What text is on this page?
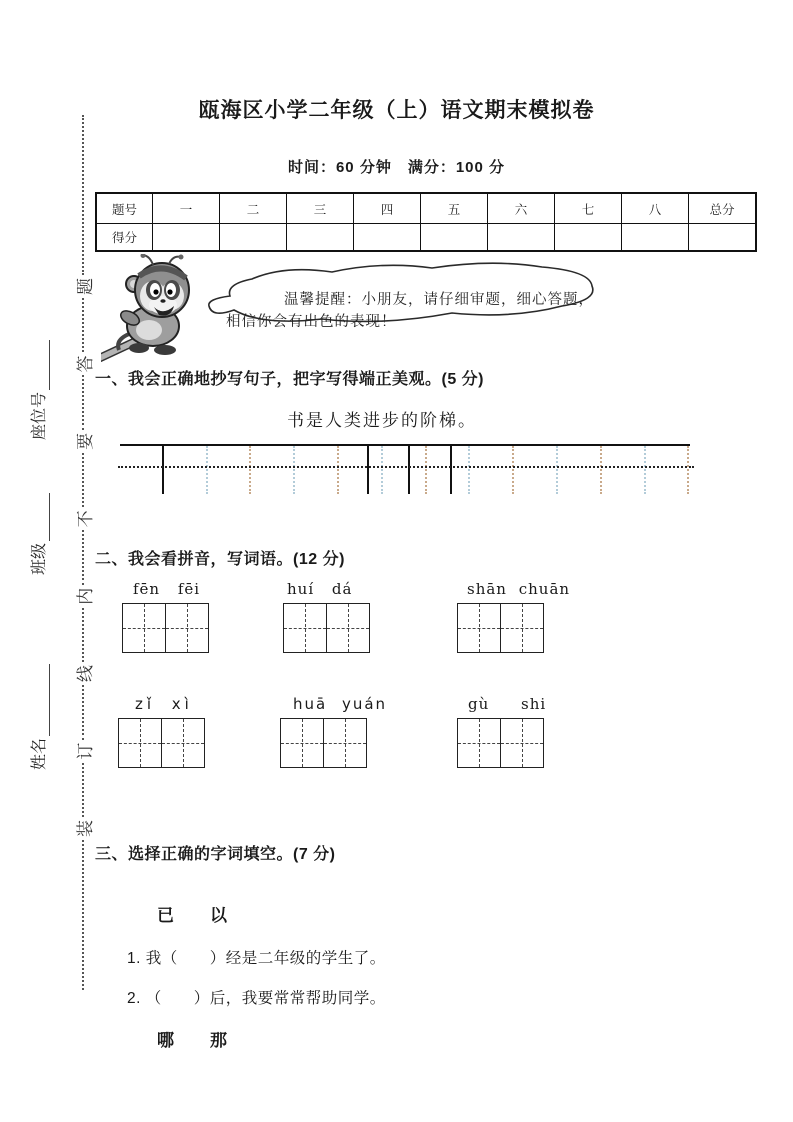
瓯海区小学二年级（上）语文期末模拟卷
时间：60 分钟　满分：100 分
题号	一	二	三	四	五	六	七	八	总分
得分									
温馨提醒：小朋友，请仔细审题，细心答题，
相信你会有出色的表现！
一、我会正确地抄写句子，把字写得端正美观。(5 分)
书是人类进步的阶梯。
二、我会看拼音，写词语。(12 分)
fēn fēi	huí dá	shān chuān
zǐ xì	huā yuán	gù shi
三、选择正确的字词填空。(7 分)
已 以
1. 我（　　）经是二年级的学生了。
2. （　　）后，我要常常帮助同学。
哪 那
装
订
线
内
不
要
答
题
座位号
班级
姓名
